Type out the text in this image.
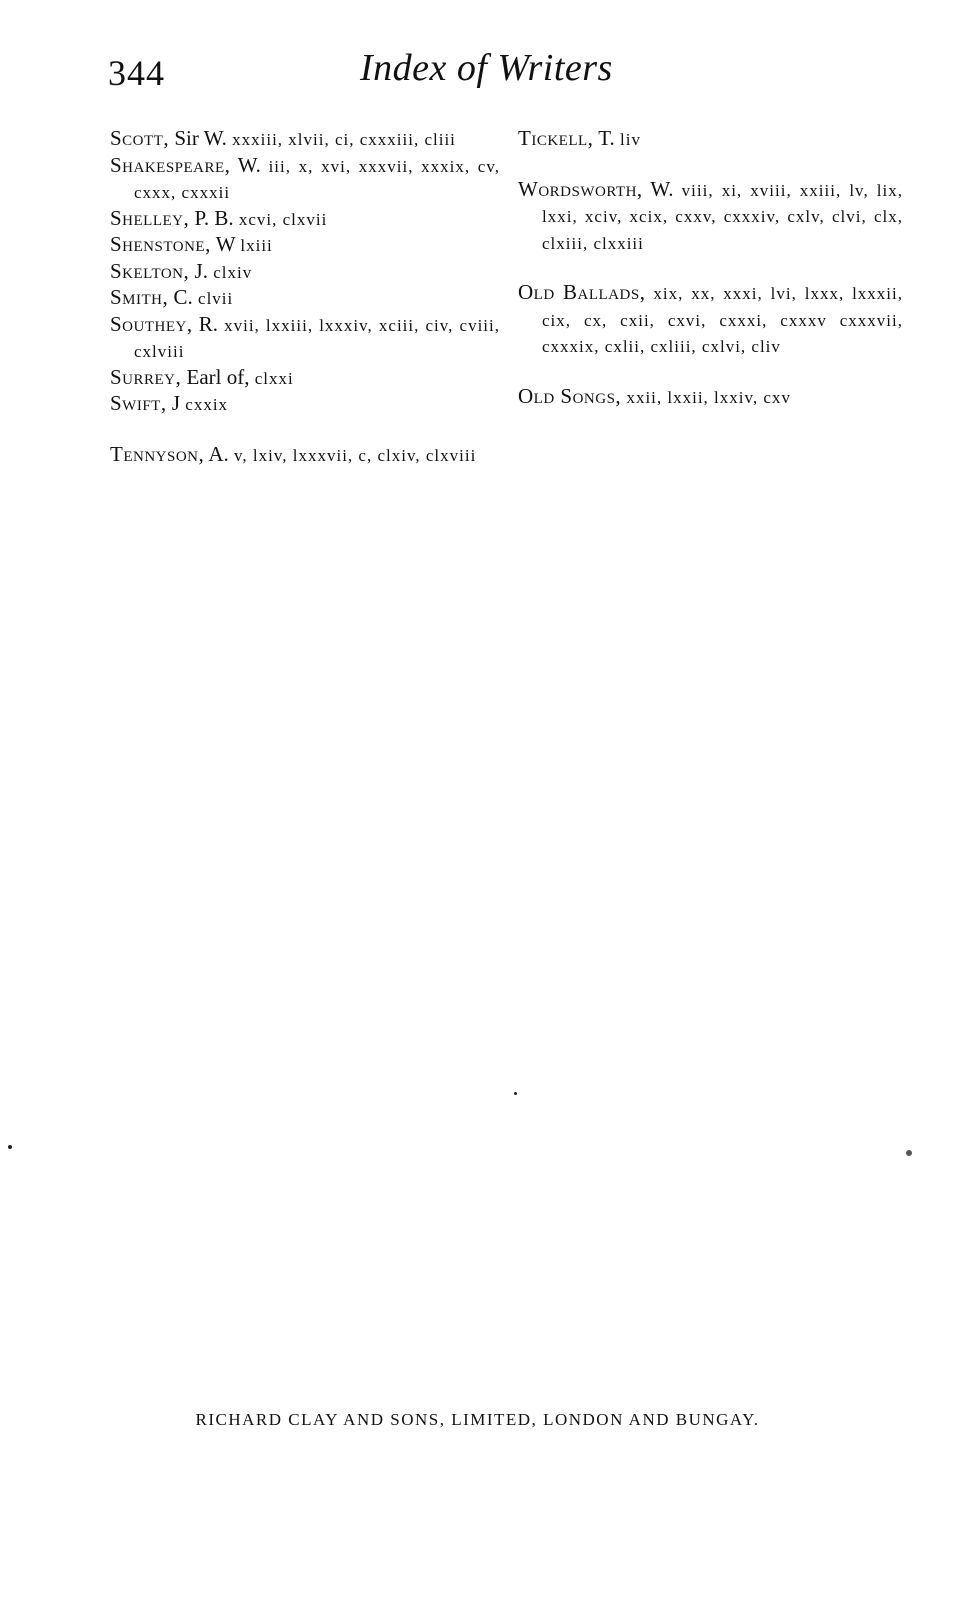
344	Index of Writers

Scott, Sir W. xxxiii, xlvii, ci, cxxxiii, cliii

Shakespeare, W. iii, x, xvi, xxxvii, xxxix, cv, cxxx, cxxxii

Shelley, P. B. xcvi, clxvii

Shenstone, W lxiii

Skelton, J. clxiv

Smith, C. clvii

Southey, R. xvii, lxxiii, lxxxiv, xciii, civ, cviii, cxlviii

Surrey, Earl of, clxxi

Swift, J cxxix

Tennyson, A. v, lxiv, lxxxvii, c, clxiv, clxviii

Tickell, T. liv

Wordsworth, W. viii, xi, xviii, xxiii, lv, lix, lxxi, xciv, xcix, cxxv, cxxxiv, cxlv, clvi, clx, clxiii, clxxiii

Old Ballads, xix, xx, xxxi, lvi, lxxx, lxxxii, cix, cx, cxii, cxvi, cxxxi, cxxxv cxxxvii, cxxxix, cxlii, cxliii, cxlvi, cliv

Old Songs, xxii, lxxii, lxxiv, cxv

RICHARD CLAY AND SONS, LIMITED, LONDON AND BUNGAY.
